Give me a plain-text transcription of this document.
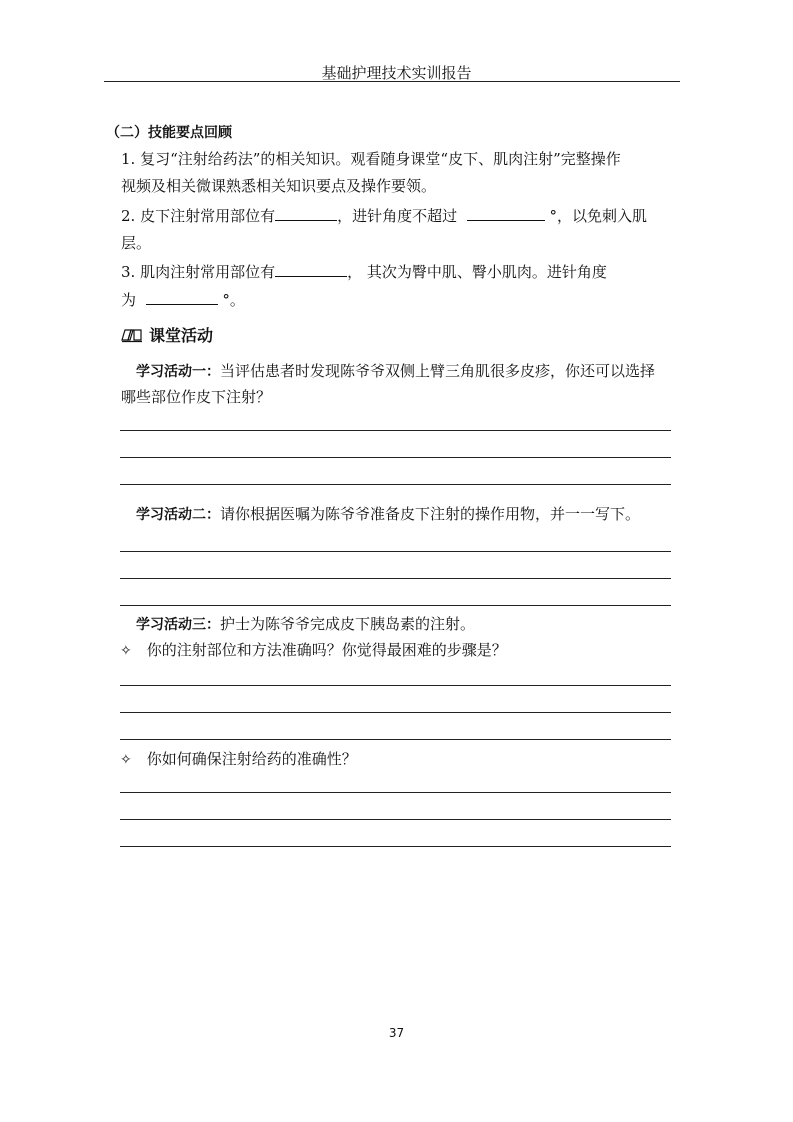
基础护理技术实训报告
（二）技能要点回顾
1. 复习“注射给药法”的相关知识。观看随身课堂“皮下、肌肉注射”完整操作
视频及相关微课熟悉相关知识要点及操作要领。
2. 皮下注射常用部位有	，进针角度不超过	°，以免刺入肌
层。
3. 肌肉注射常用部位有	， 其次为臀中肌、臀小肌肉。进针角度
为	°。
课堂活动
学习活动一：当评估患者时发现陈爷爷双侧上臂三角肌很多皮疹，你还可以选择
哪些部位作皮下注射？
学习活动二：请你根据医嘱为陈爷爷准备皮下注射的操作用物，并一一写下。
学习活动三：护士为陈爷爷完成皮下胰岛素的注射。
✧ 你的注射部位和方法准确吗？你觉得最困难的步骤是？
✧ 你如何确保注射给药的准确性？
37
